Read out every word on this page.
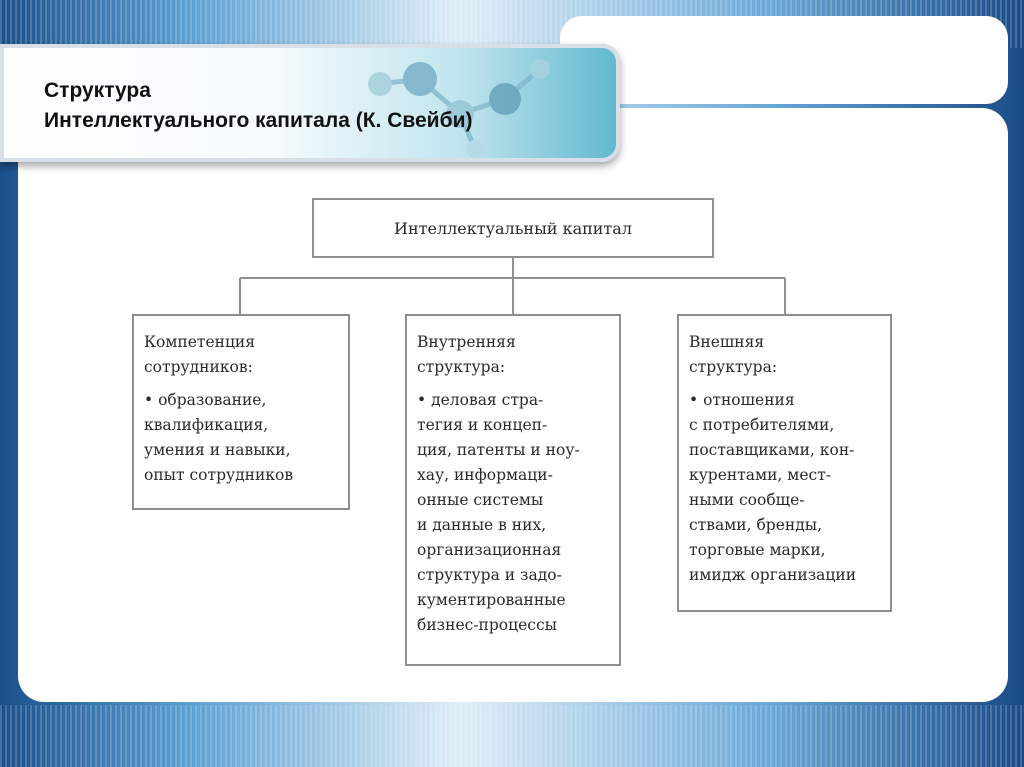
Структура
Интеллектуального капитала (К. Свейби)
Интеллектуальный капитал
Компетенция
сотрудников:
• образование,
квалификация,
умения и навыки,
опыт сотрудников
Внутренняя
структура:
• деловая стра-
тегия и концеп-
ция, патенты и ноу-
хау, информаци-
онные системы
и данные в них,
организационная
структура и задо-
кументированные
бизнес-процессы
Внешняя
структура:
• отношения
с потребителями,
поставщиками, кон-
курентами, мест-
ными сообще-
ствами, бренды,
торговые марки,
имидж организации
